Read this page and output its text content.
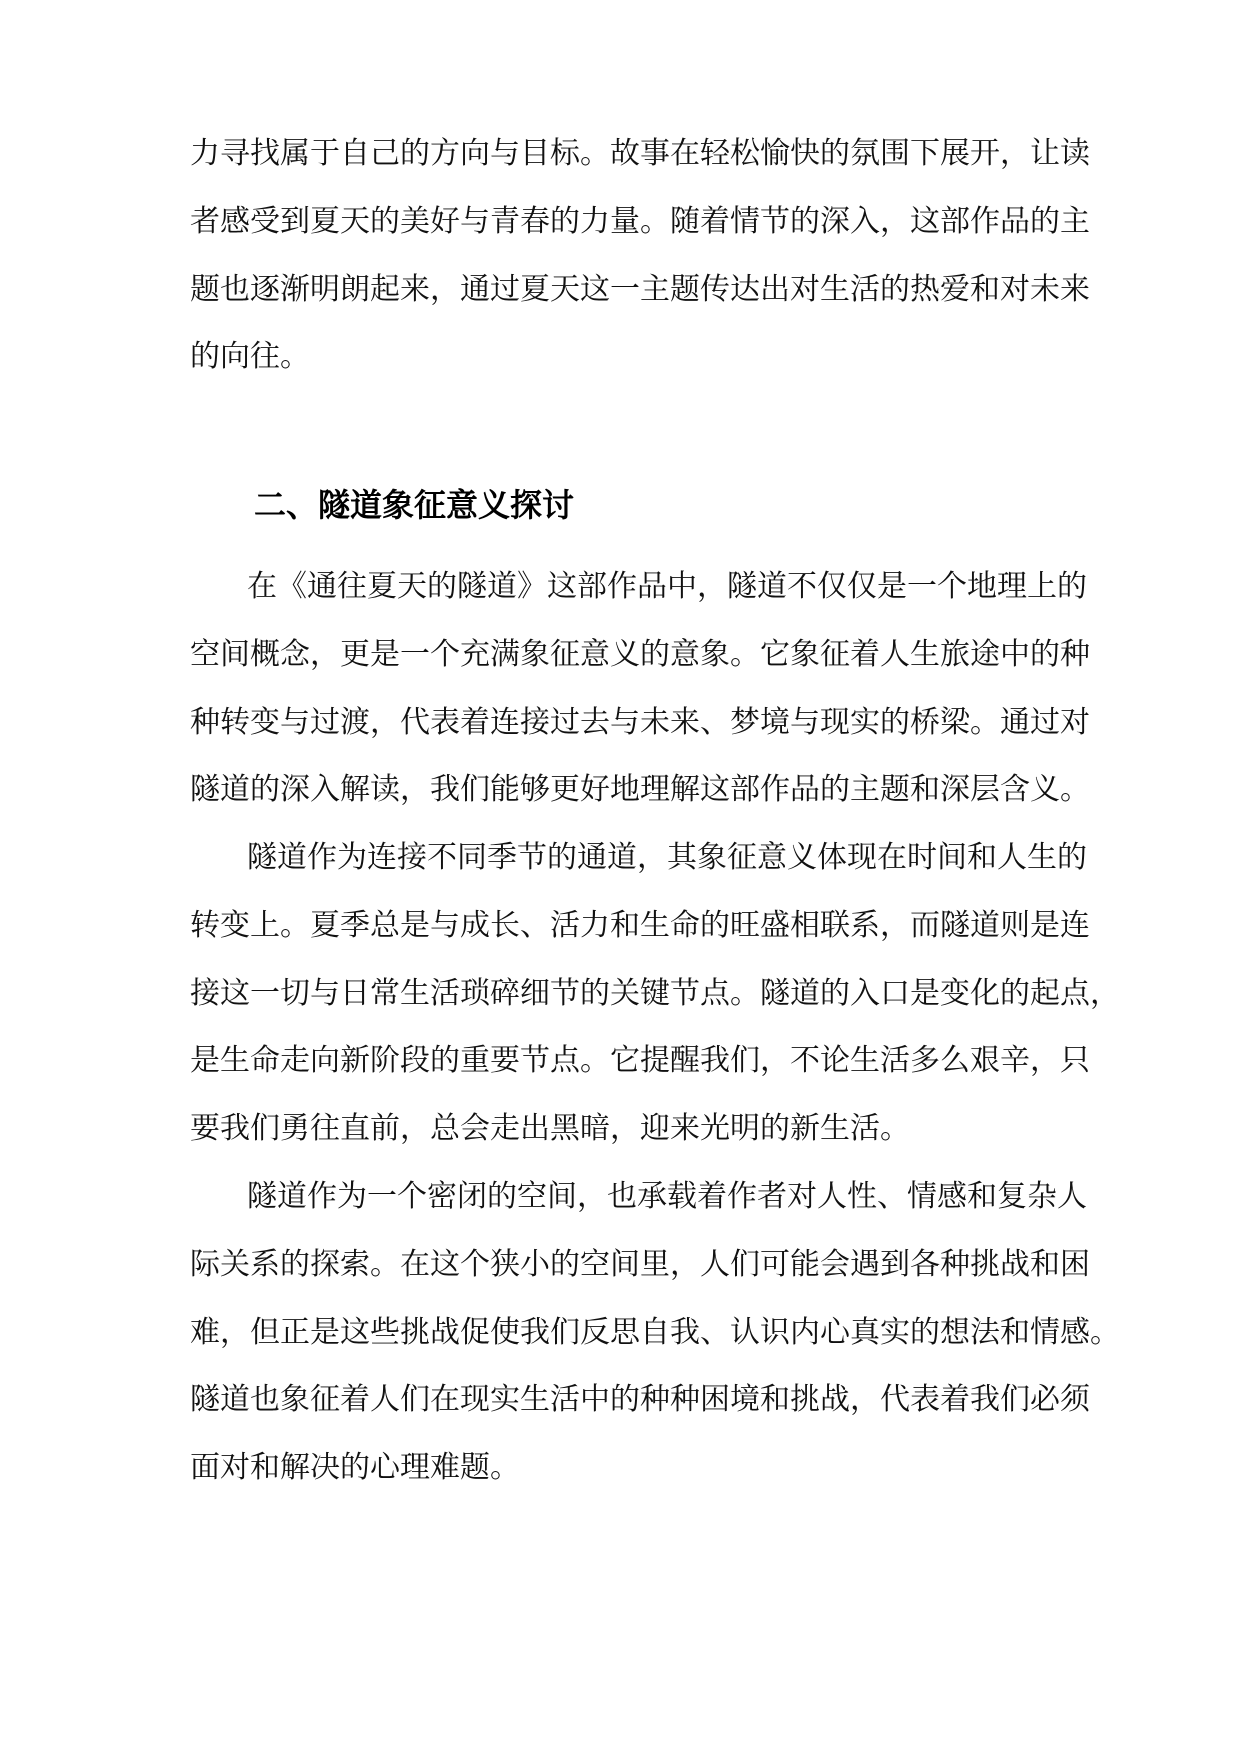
力寻找属于自己的方向与目标。故事在轻松愉快的氛围下展开，让读
者感受到夏天的美好与青春的力量。随着情节的深入，这部作品的主
题也逐渐明朗起来，通过夏天这一主题传达出对生活的热爱和对未来
的向往。
二、隧道象征意义探讨
在《通往夏天的隧道》这部作品中，隧道不仅仅是一个地理上的
空间概念，更是一个充满象征意义的意象。它象征着人生旅途中的种
种转变与过渡，代表着连接过去与未来、梦境与现实的桥梁。通过对
隧道的深入解读，我们能够更好地理解这部作品的主题和深层含义。
隧道作为连接不同季节的通道，其象征意义体现在时间和人生的
转变上。夏季总是与成长、活力和生命的旺盛相联系，而隧道则是连
接这一切与日常生活琐碎细节的关键节点。隧道的入口是变化的起点，
是生命走向新阶段的重要节点。它提醒我们，不论生活多么艰辛，只
要我们勇往直前，总会走出黑暗，迎来光明的新生活。
隧道作为一个密闭的空间，也承载着作者对人性、情感和复杂人
际关系的探索。在这个狭小的空间里，人们可能会遇到各种挑战和困
难，但正是这些挑战促使我们反思自我、认识内心真实的想法和情感。
隧道也象征着人们在现实生活中的种种困境和挑战，代表着我们必须
面对和解决的心理难题。
